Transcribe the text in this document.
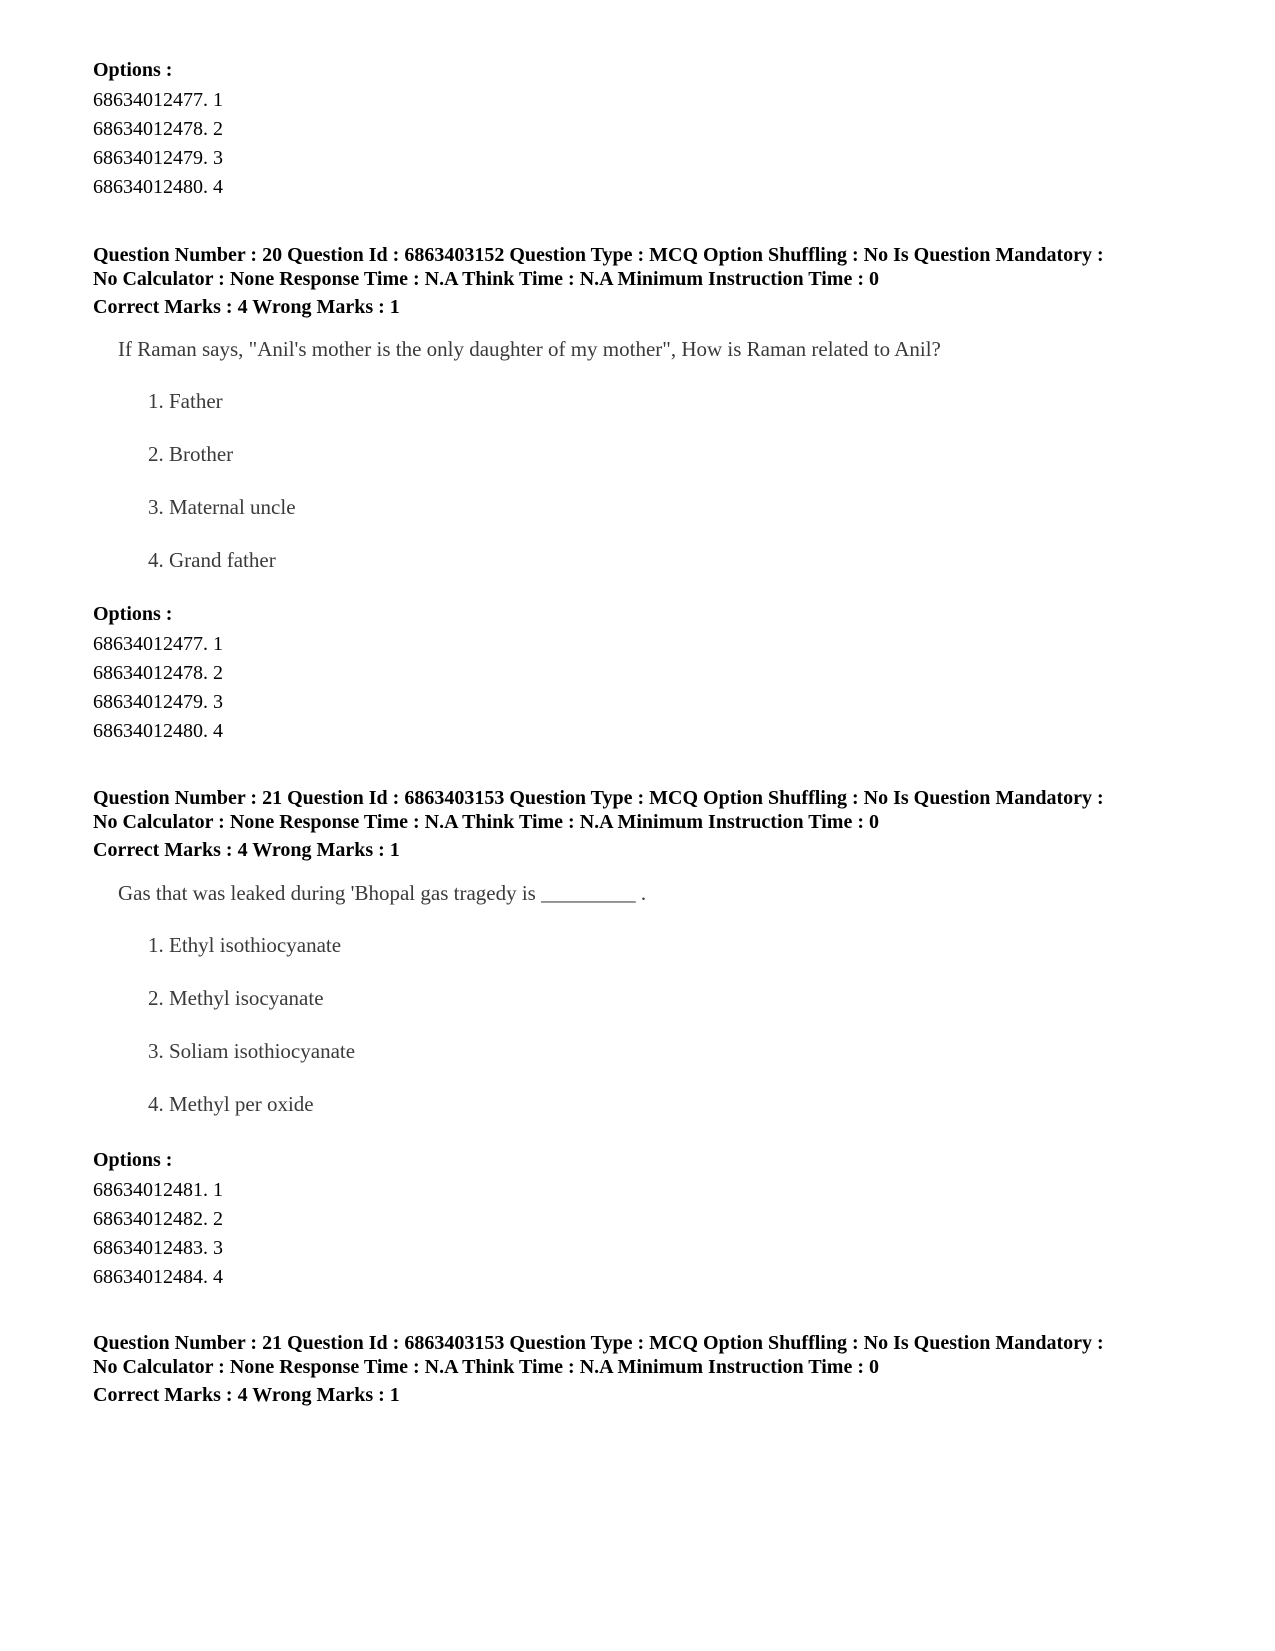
Options :

68634012477. 1

68634012478. 2

68634012479. 3

68634012480. 4

Question Number : 20 Question Id : 6863403152 Question Type : MCQ Option Shuffling : No Is Question Mandatory :

No Calculator : None Response Time : N.A Think Time : N.A Minimum Instruction Time : 0

Correct Marks : 4 Wrong Marks : 1

If Raman says, "Anil's mother is the only daughter of my mother", How is Raman related to Anil?

1. Father

2. Brother

3. Maternal uncle

4. Grand father

Options :

68634012477. 1

68634012478. 2

68634012479. 3

68634012480. 4

Question Number : 21 Question Id : 6863403153 Question Type : MCQ Option Shuffling : No Is Question Mandatory :

No Calculator : None Response Time : N.A Think Time : N.A Minimum Instruction Time : 0

Correct Marks : 4 Wrong Marks : 1

Gas that was leaked during 'Bhopal gas tragedy is _________ .

1. Ethyl isothiocyanate

2. Methyl isocyanate

3. Soliam isothiocyanate

4. Methyl per oxide

Options :

68634012481. 1

68634012482. 2

68634012483. 3

68634012484. 4

Question Number : 21 Question Id : 6863403153 Question Type : MCQ Option Shuffling : No Is Question Mandatory :

No Calculator : None Response Time : N.A Think Time : N.A Minimum Instruction Time : 0

Correct Marks : 4 Wrong Marks : 1
